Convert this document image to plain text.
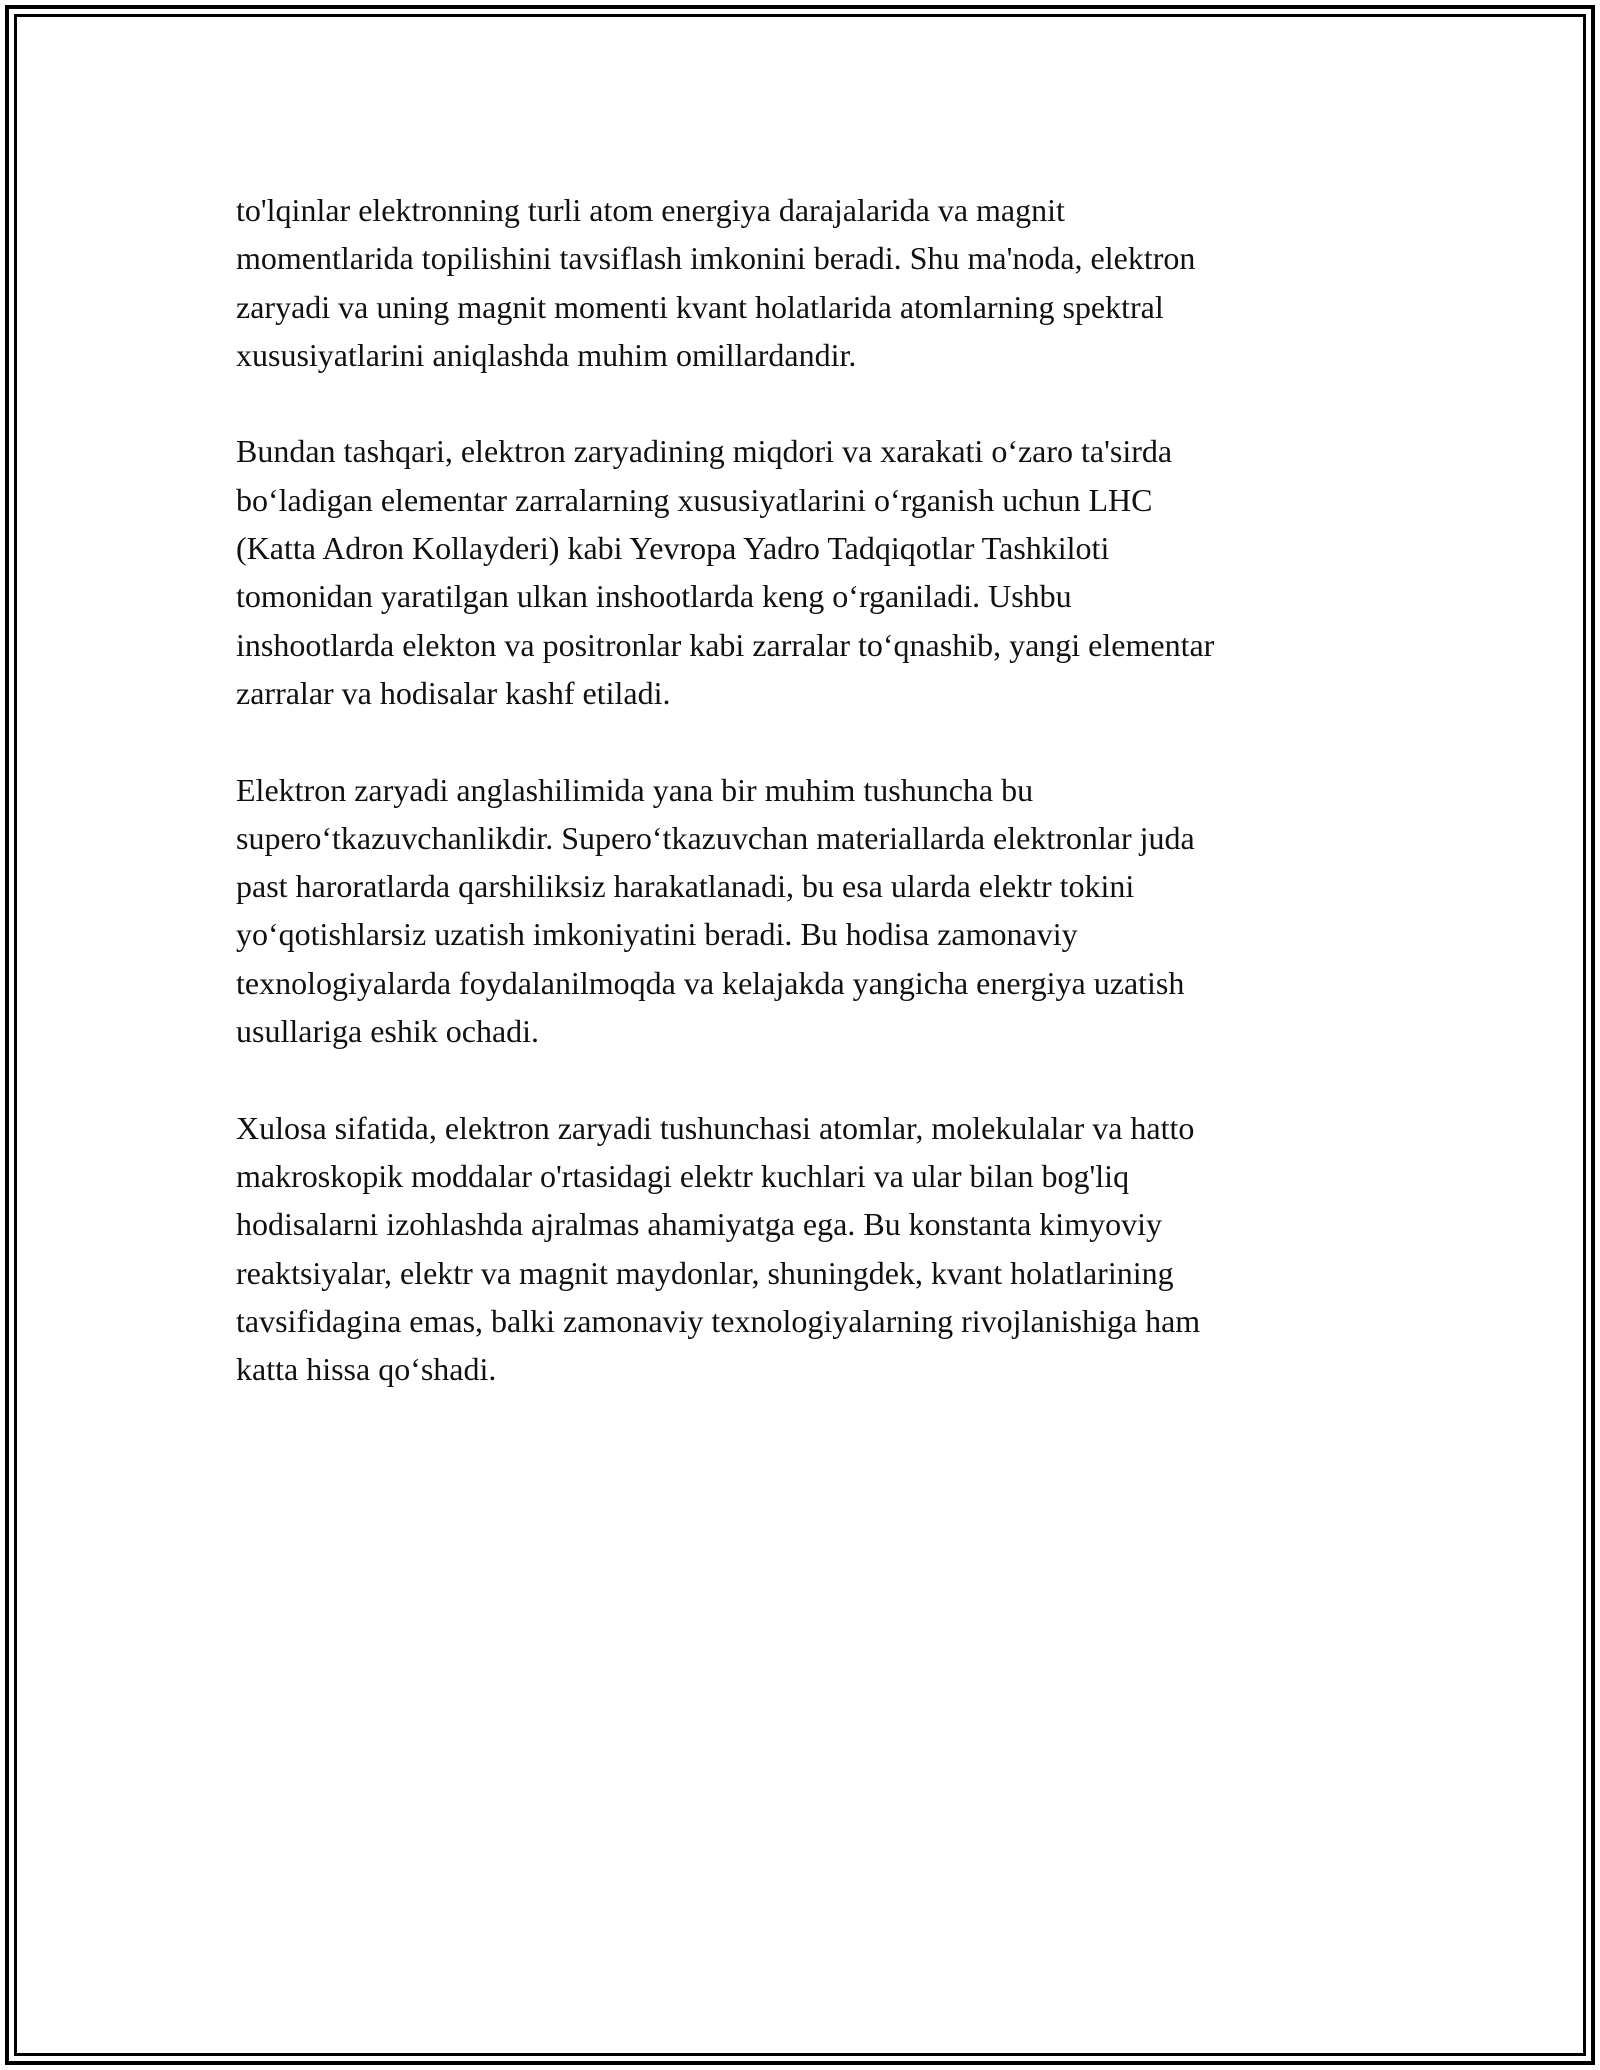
to'lqinlar elektronning turli atom energiya darajalarida va magnit
momentlarida topilishini tavsiflash imkonini beradi. Shu ma'noda, elektron
zaryadi va uning magnit momenti kvant holatlarida atomlarning spektral
xususiyatlarini aniqlashda muhim omillardandir.

Bundan tashqari, elektron zaryadining miqdori va xarakati o‘zaro ta'sirda
bo‘ladigan elementar zarralarning xususiyatlarini o‘rganish uchun LHC
(Katta Adron Kollayderi) kabi Yevropa Yadro Tadqiqotlar Tashkiloti
tomonidan yaratilgan ulkan inshootlarda keng o‘rganiladi. Ushbu
inshootlarda elekton va positronlar kabi zarralar to‘qnashib, yangi elementar
zarralar va hodisalar kashf etiladi.

Elektron zaryadi anglashilimida yana bir muhim tushuncha bu
supero‘tkazuvchanlikdir. Supero‘tkazuvchan materiallarda elektronlar juda
past haroratlarda qarshiliksiz harakatlanadi, bu esa ularda elektr tokini
yo‘qotishlarsiz uzatish imkoniyatini beradi. Bu hodisa zamonaviy
texnologiyalarda foydalanilmoqda va kelajakda yangicha energiya uzatish
usullariga eshik ochadi.

Xulosa sifatida, elektron zaryadi tushunchasi atomlar, molekulalar va hatto
makroskopik moddalar o'rtasidagi elektr kuchlari va ular bilan bog'liq
hodisalarni izohlashda ajralmas ahamiyatga ega. Bu konstanta kimyoviy
reaktsiyalar, elektr va magnit maydonlar, shuningdek, kvant holatlarining
tavsifidagina emas, balki zamonaviy texnologiyalarning rivojlanishiga ham
katta hissa qo‘shadi.
